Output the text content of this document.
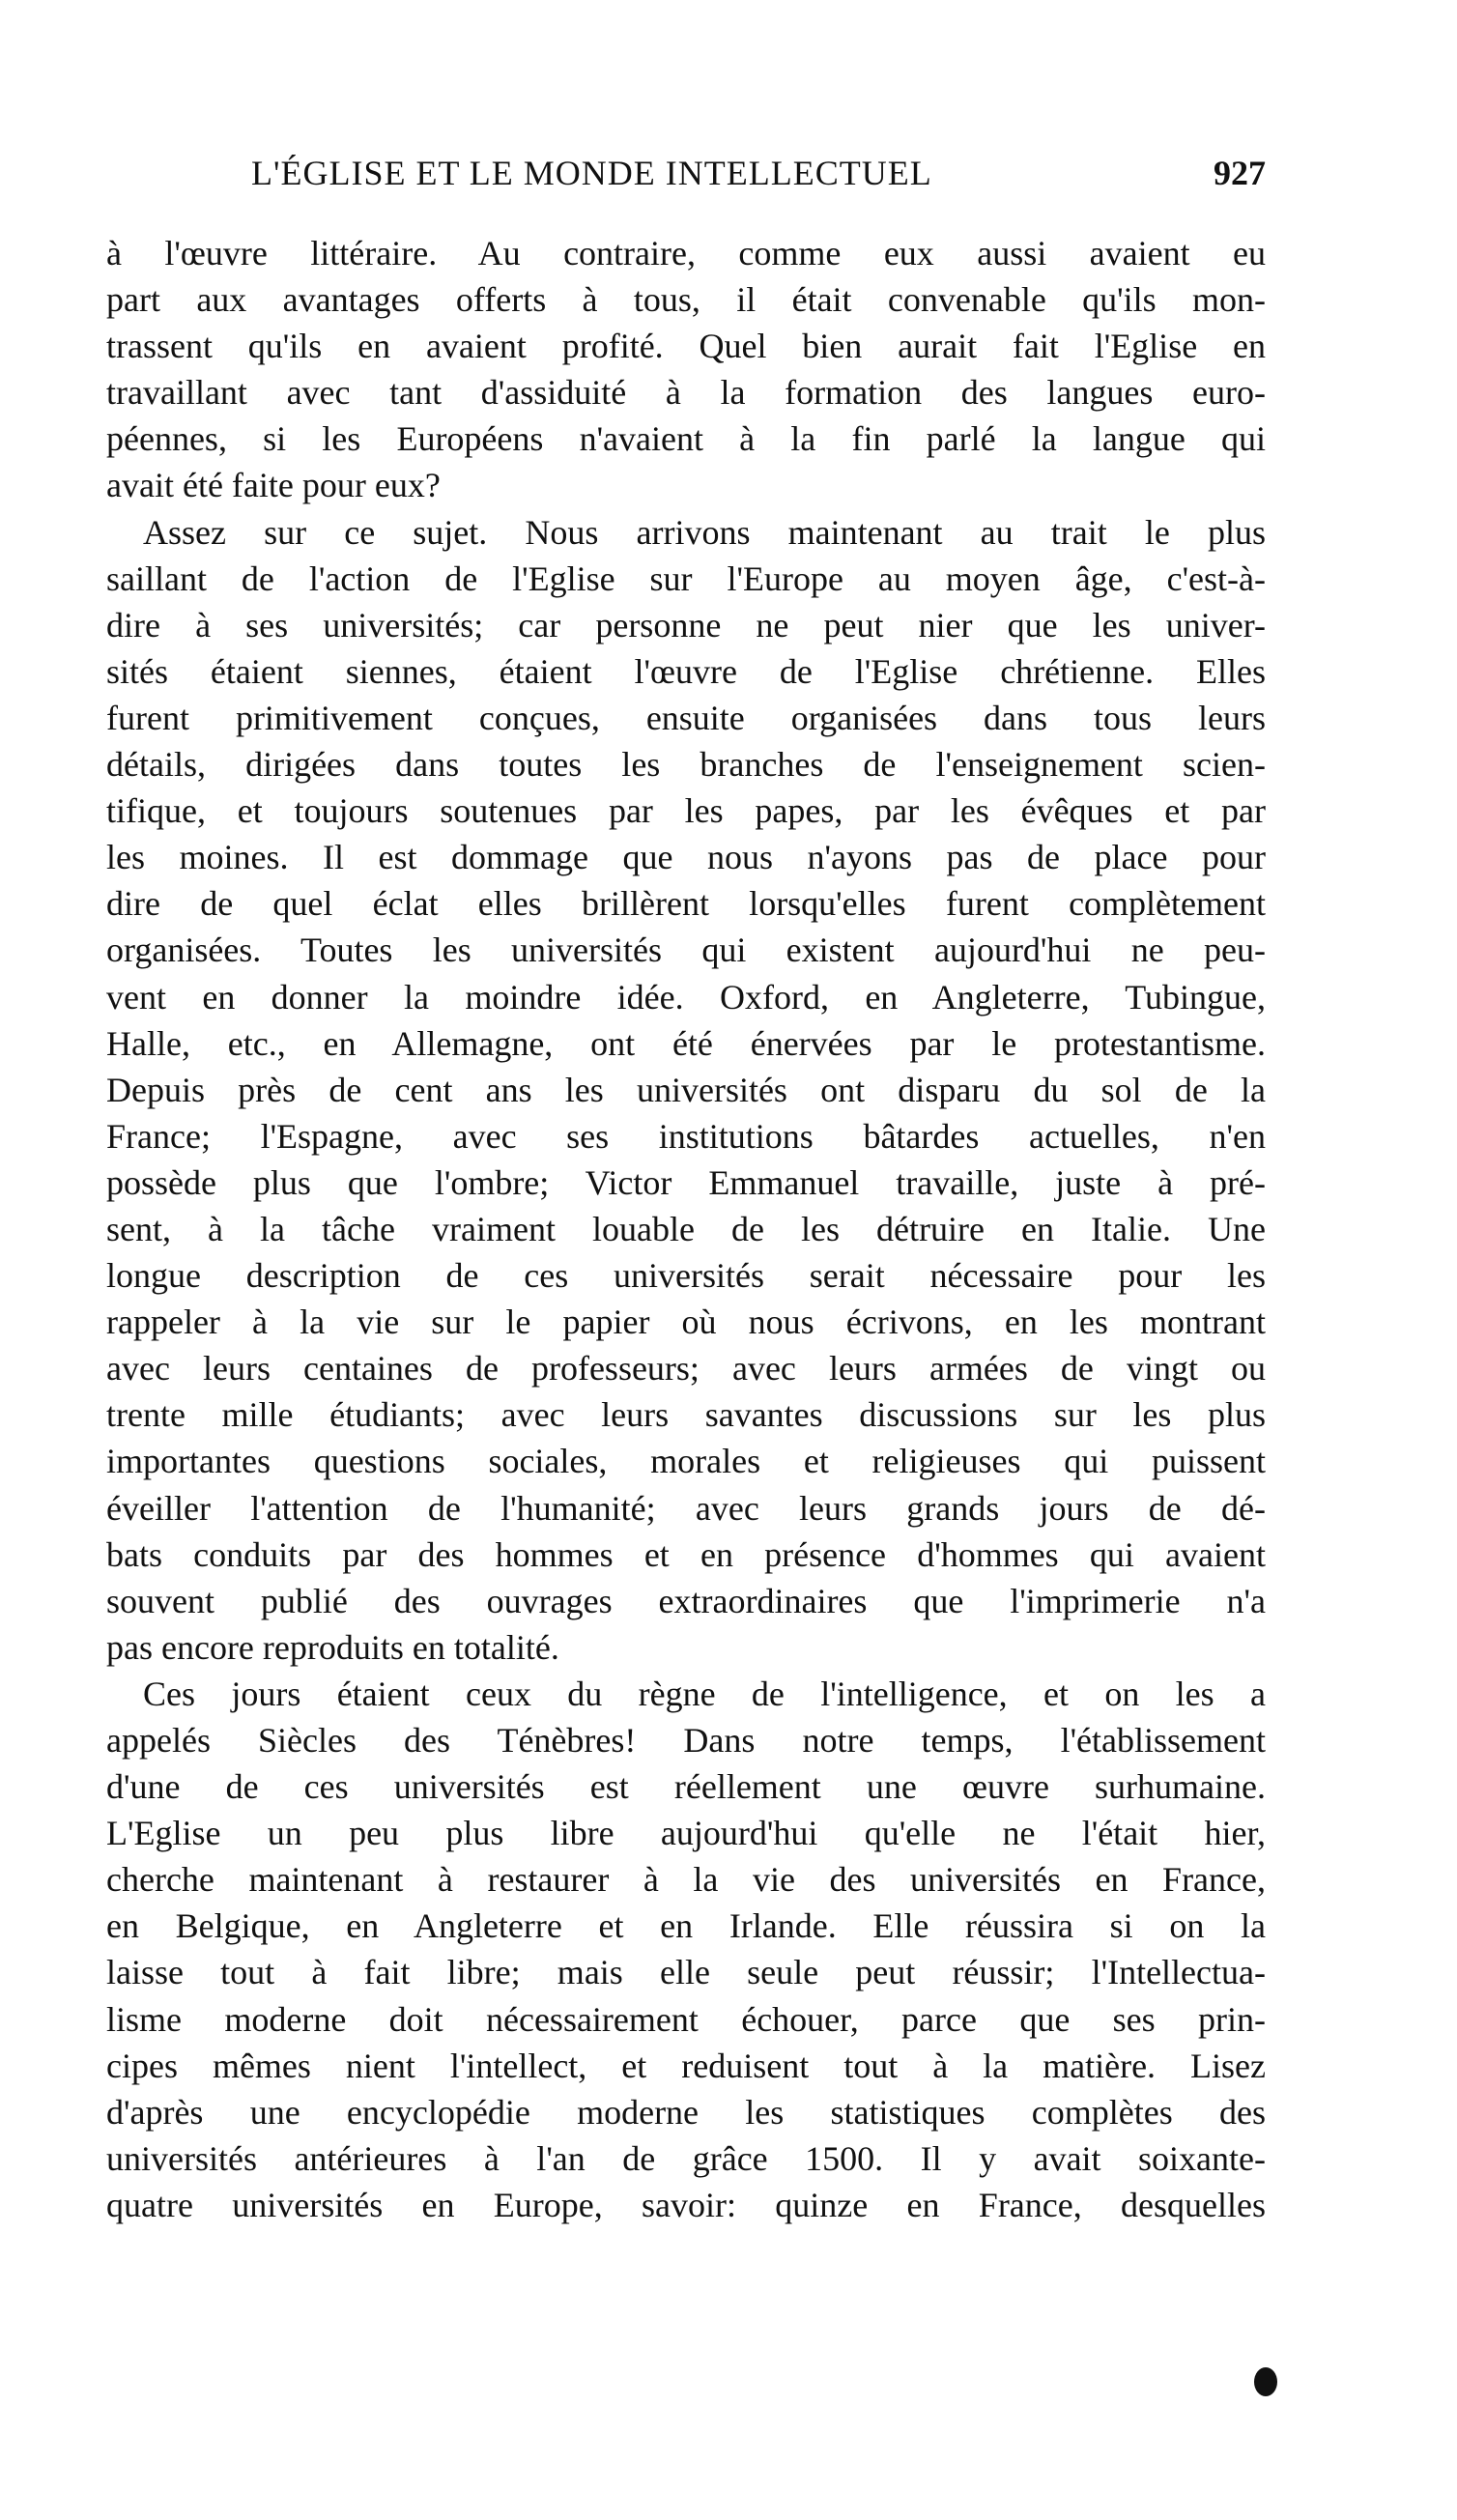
L'ÉGLISE ET LE MONDE INTELLECTUEL	927
à l'œuvre littéraire. Au contraire, comme eux aussi avaient eu
part aux avantages offerts à tous, il était convenable qu'ils mon-
trassent qu'ils en avaient profité. Quel bien aurait fait l'Eglise en
travaillant avec tant d'assiduité à la formation des langues euro-
péennes, si les Européens n'avaient à la fin parlé la langue qui
avait été faite pour eux?
Assez sur ce sujet. Nous arrivons maintenant au trait le plus
saillant de l'action de l'Eglise sur l'Europe au moyen âge, c'est-à-
dire à ses universités; car personne ne peut nier que les univer-
sités étaient siennes, étaient l'œuvre de l'Eglise chrétienne. Elles
furent primitivement conçues, ensuite organisées dans tous leurs
détails, dirigées dans toutes les branches de l'enseignement scien-
tifique, et toujours soutenues par les papes, par les évêques et par
les moines. Il est dommage que nous n'ayons pas de place pour
dire de quel éclat elles brillèrent lorsqu'elles furent complètement
organisées. Toutes les universités qui existent aujourd'hui ne peu-
vent en donner la moindre idée. Oxford, en Angleterre, Tubingue,
Halle, etc., en Allemagne, ont été énervées par le protestantisme.
Depuis près de cent ans les universités ont disparu du sol de la
France; l'Espagne, avec ses institutions bâtardes actuelles, n'en
possède plus que l'ombre; Victor Emmanuel travaille, juste à pré-
sent, à la tâche vraiment louable de les détruire en Italie. Une
longue description de ces universités serait nécessaire pour les
rappeler à la vie sur le papier où nous écrivons, en les montrant
avec leurs centaines de professeurs; avec leurs armées de vingt ou
trente mille étudiants; avec leurs savantes discussions sur les plus
importantes questions sociales, morales et religieuses qui puissent
éveiller l'attention de l'humanité; avec leurs grands jours de dé-
bats conduits par des hommes et en présence d'hommes qui avaient
souvent publié des ouvrages extraordinaires que l'imprimerie n'a
pas encore reproduits en totalité.
Ces jours étaient ceux du règne de l'intelligence, et on les a
appelés Siècles des Ténèbres! Dans notre temps, l'établissement
d'une de ces universités est réellement une œuvre surhumaine.
L'Eglise un peu plus libre aujourd'hui qu'elle ne l'était hier,
cherche maintenant à restaurer à la vie des universités en France,
en Belgique, en Angleterre et en Irlande. Elle réussira si on la
laisse tout à fait libre; mais elle seule peut réussir; l'Intellectua-
lisme moderne doit nécessairement échouer, parce que ses prin-
cipes mêmes nient l'intellect, et reduisent tout à la matière. Lisez
d'après une encyclopédie moderne les statistiques complètes des
universités antérieures à l'an de grâce 1500. Il y avait soixante-
quatre universités en Europe, savoir: quinze en France, desquelles
